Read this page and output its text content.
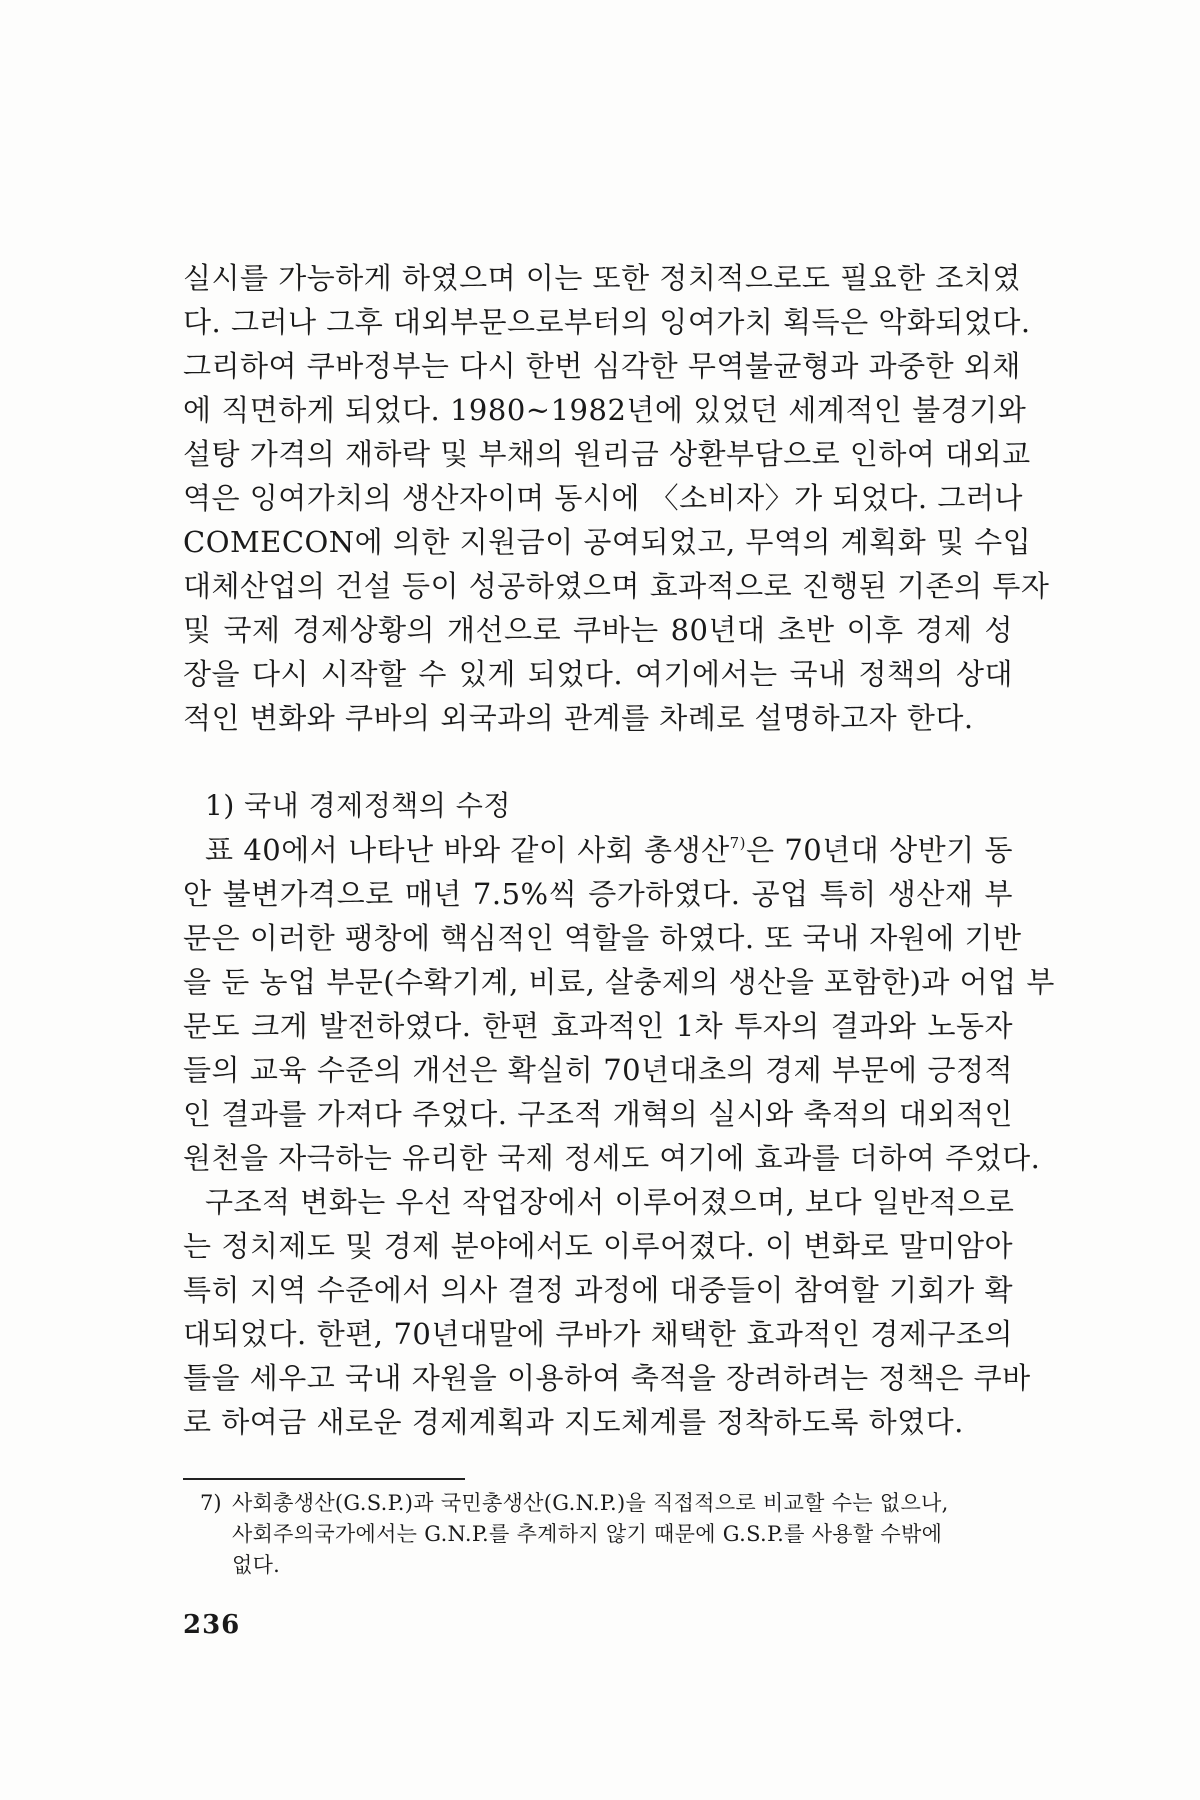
실시를 가능하게 하였으며 이는 또한 정치적으로도 필요한 조치였
다. 그러나 그후 대외부문으로부터의 잉여가치 획득은 악화되었다.
그리하여 쿠바정부는 다시 한번 심각한 무역불균형과 과중한 외채
에 직면하게 되었다. 1980~1982년에 있었던 세계적인 불경기와
설탕 가격의 재하락 및 부채의 원리금 상환부담으로 인하여 대외교
역은 잉여가치의 생산자이며 동시에 〈소비자〉가 되었다. 그러나
COMECON에 의한 지원금이 공여되었고, 무역의 계획화 및 수입
대체산업의 건설 등이 성공하였으며 효과적으로 진행된 기존의 투자
및 국제 경제상황의 개선으로 쿠바는 80년대 초반 이후 경제 성
장을 다시 시작할 수 있게 되었다. 여기에서는 국내 정책의 상대
적인 변화와 쿠바의 외국과의 관계를 차례로 설명하고자 한다.
1) 국내 경제정책의 수정
표 40에서 나타난 바와 같이 사회 총생산$^{7)}$은 70년대 상반기 동
안 불변가격으로 매년 7.5%씩 증가하였다. 공업 특히 생산재 부
문은 이러한 팽창에 핵심적인 역할을 하였다. 또 국내 자원에 기반
을 둔 농업 부문(수확기계, 비료, 살충제의 생산을 포함한)과 어업 부
문도 크게 발전하였다. 한편 효과적인 1차 투자의 결과와 노동자
들의 교육 수준의 개선은 확실히 70년대초의 경제 부문에 긍정적
인 결과를 가져다 주었다. 구조적 개혁의 실시와 축적의 대외적인
원천을 자극하는 유리한 국제 정세도 여기에 효과를 더하여 주었다.
구조적 변화는 우선 작업장에서 이루어졌으며, 보다 일반적으로
는 정치제도 및 경제 분야에서도 이루어졌다. 이 변화로 말미암아
특히 지역 수준에서 의사 결정 과정에 대중들이 참여할 기회가 확
대되었다. 한편, 70년대말에 쿠바가 채택한 효과적인 경제구조의
틀을 세우고 국내 자원을 이용하여 축적을 장려하려는 정책은 쿠바
로 하여금 새로운 경제계획과 지도체계를 정착하도록 하였다.
7) 사회총생산(G.S.P.)과 국민총생산(G.N.P.)을 직접적으로 비교할 수는 없으나,
사회주의국가에서는 G.N.P.를 추계하지 않기 때문에 G.S.P.를 사용할 수밖에
없다.
236
